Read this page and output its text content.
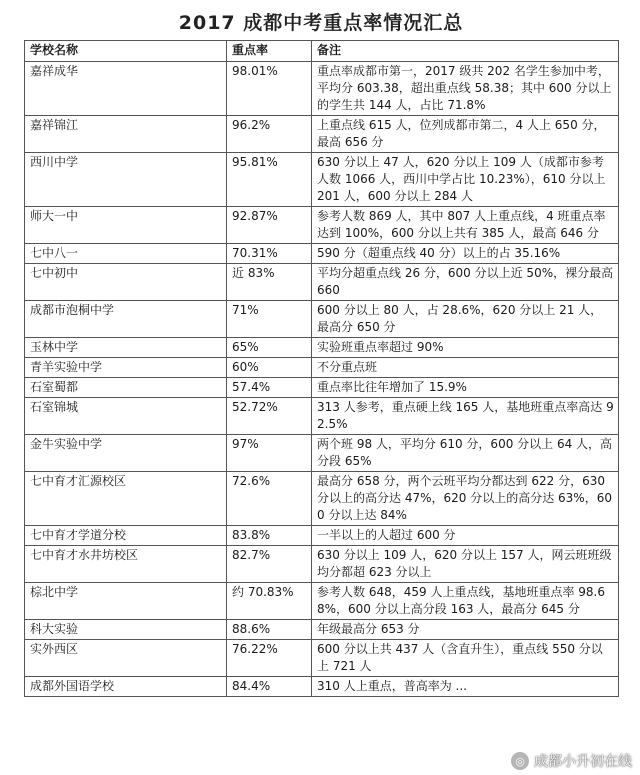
2017 成都中考重点率情况汇总
学校名称	重点率	备注
嘉祥成华	98.01%	重点率成都市第一，2017 级共 202 名学生参加中考，平均分 603.38，超出重点线 58.38；其中 600 分以上的学生共 144 人，占比 71.8%
嘉祥锦江	96.2%	上重点线 615 人，位列成都市第二，4 人上 650 分，最高 656 分
西川中学	95.81%	630 分以上 47 人，620 分以上 109 人（成都市参考人数 1066 人，西川中学占比 10.23%），610 分以上 201 人，600 分以上 284 人
师大一中	92.87%	参考人数 869 人，其中 807 人上重点线，4 班重点率达到 100%，600 分以上共有 385 人，最高 646 分
七中八一	70.31%	590 分（超重点线 40 分）以上的占 35.16%
七中初中	近 83%	平均分超重点线 26 分，600 分以上近 50%，裸分最高 660
成都市泡桐中学	71%	600 分以上 80 人，占 28.6%，620 分以上 21 人，最高分 650 分
玉林中学	65%	实验班重点率超过 90%
青羊实验中学	60%	不分重点班
石室蜀都	57.4%	重点率比往年增加了 15.9%
石室锦城	52.72%	313 人参考，重点硬上线 165 人，基地班重点率高达 92.5%
金牛实验中学	97%	两个班 98 人，平均分 610 分，600 分以上 64 人，高分段 65%
七中育才汇源校区	72.6%	最高分 658 分，两个云班平均分都达到 622 分，630 分以上的高分达 47%，620 分以上的高分达 63%，600 分以上达 84%
七中育才学道分校	83.8%	一半以上的人超过 600 分
七中育才水井坊校区	82.7%	630 分以上 109 人，620 分以上 157 人，网云班班级均分都超 623 分以上
棕北中学	约 70.83%	参考人数 648，459 人上重点线，基地班重点率 98.68%，600 分以上高分段 163 人，最高分 645 分
科大实验	88.6%	年级最高分 653 分
实外西区	76.22%	600 分以上共 437 人（含直升生），重点线 550 分以上 721 人
成都外国语学校	84.4%	310 人上重点，普高率为 ...
◎ 成都小升初在线
